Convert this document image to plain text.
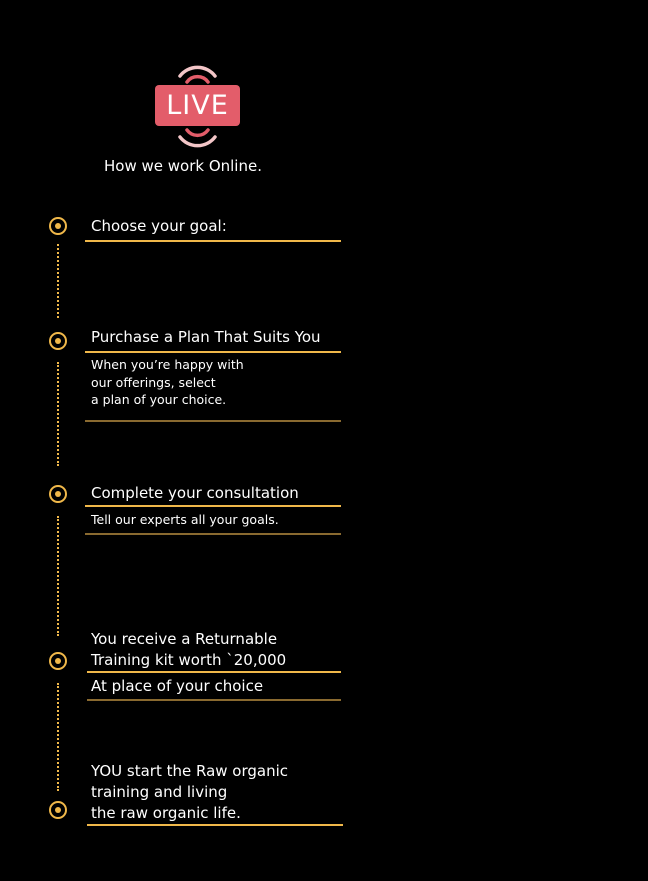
LIVE
How we work Online.
Choose your goal:
Purchase a Plan That Suits You
When you’re happy with
our offerings, select
a plan of your choice.
Complete your consultation
Tell our experts all your goals.
You receive a Returnable
Training kit worth `20,000
At place of your choice
YOU start the Raw organic
training and living
the raw organic life.
